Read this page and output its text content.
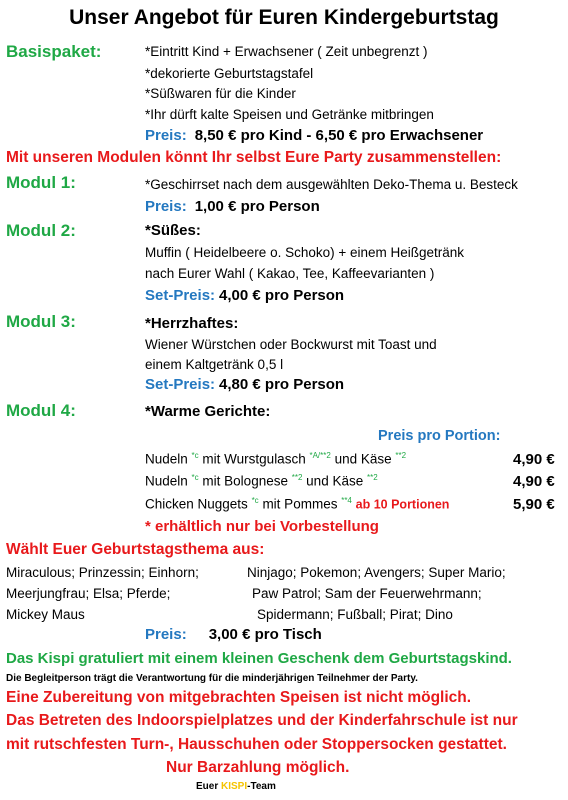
Unser Angebot für Euren Kindergeburtstag
Basispaket:	*Eintritt Kind + Erwachsener ( Zeit unbegrenzt )
*dekorierte Geburtstagstafel
*Süßwaren für die Kinder
*Ihr dürft kalte Speisen und Getränke mitbringen
Preis: 8,50 € pro Kind - 6,50 € pro Erwachsener
Mit unseren Modulen könnt Ihr selbst Eure Party zusammenstellen:
Modul 1:	*Geschirrset nach dem ausgewählten Deko-Thema u. Besteck
Preis: 1,00 € pro Person
Modul 2:	*Süßes:
Muffin ( Heidelbeere o. Schoko) + einem Heißgetränk
nach Eurer Wahl ( Kakao, Tee, Kaffeevarianten )
Set-Preis: 4,00 € pro Person
Modul 3:	*Herrzhaftes:
Wiener Würstchen oder Bockwurst mit Toast und
einem Kaltgetränk 0,5 l
Set-Preis: 4,80 € pro Person
Modul 4:	*Warme Gerichte:
Preis pro Portion:
Nudeln $^{*c}$ mit Wurstgulasch $^{*A/**2}$ und Käse $^{**2}$	4,90 €
Nudeln $^{*c}$ mit Bolognese $^{**2}$ und Käse $^{**2}$	4,90 €
Chicken Nuggets $^{*c}$ mit Pommes $^{**4}$ ab 10 Portionen	5,90 €
* erhältlich nur bei Vorbestellung
Wählt Euer Geburtstagsthema aus:
Miraculous; Prinzessin; Einhorn;
Meerjungfrau; Elsa; Pferde;
Mickey Maus
Ninjago; Pokemon; Avengers; Super Mario;
Paw Patrol; Sam der Feuerwehrmann;
Spidermann; Fußball; Pirat; Dino
Preis: 3,00 € pro Tisch
Das Kispi gratuliert mit einem kleinen Geschenk dem Geburtstagskind.
Die Begleitperson trägt die Verantwortung für die minderjährigen Teilnehmer der Party.
Eine Zubereitung von mitgebrachten Speisen ist nicht möglich.
Das Betreten des Indoorspielplatzes und der Kinderfahrschule ist nur
mit rutschfesten Turn-, Hausschuhen oder Stoppersocken gestattet.
Nur Barzahlung möglich.
Euer KISPI-Team
